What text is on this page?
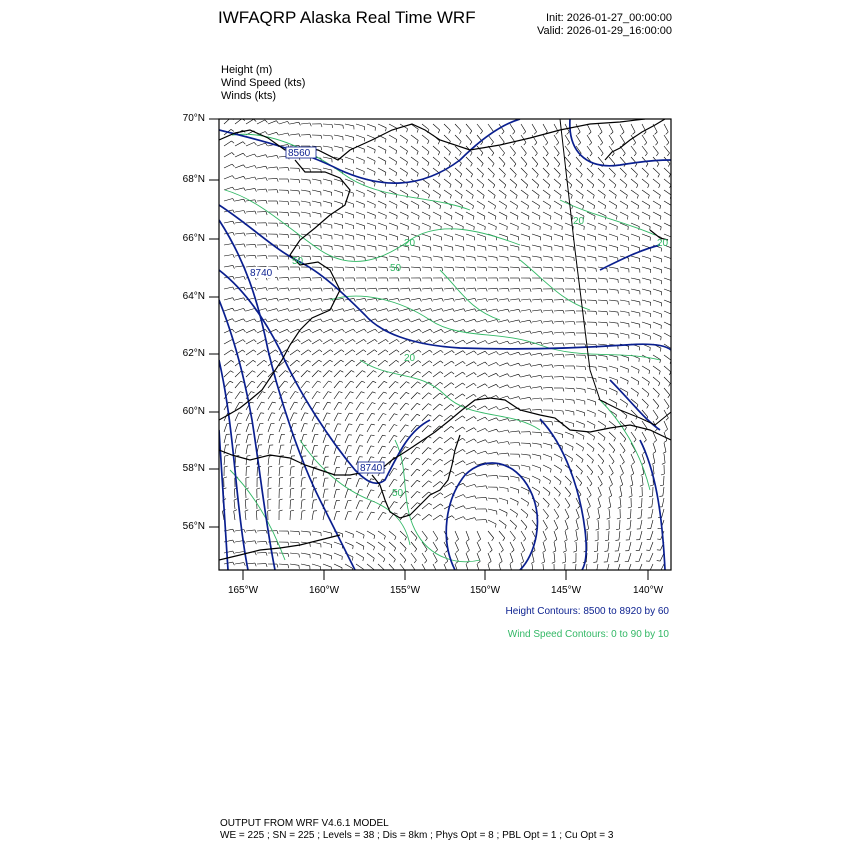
IWFAQRP Alaska Real Time WRF	Init: 2026-01-27_00:00:00
Valid: 2026-01-29_16:00:00
Height (m)
Wind Speed (kts)
Winds (kts)
8560
8740
8740
50
20
20
50
20
50
20
70°N
68°N
66°N
64°N
62°N
60°N
58°N
56°N
165°W	160°W	155°W	150°W	145°W	140°W
Height Contours: 8500 to 8920 by 60
Wind Speed Contours: 0 to 90 by 10
OUTPUT FROM WRF V4.6.1 MODEL
WE = 225 ; SN = 225 ; Levels = 38 ; Dis = 8km ; Phys Opt = 8 ; PBL Opt = 1 ; Cu Opt = 3
